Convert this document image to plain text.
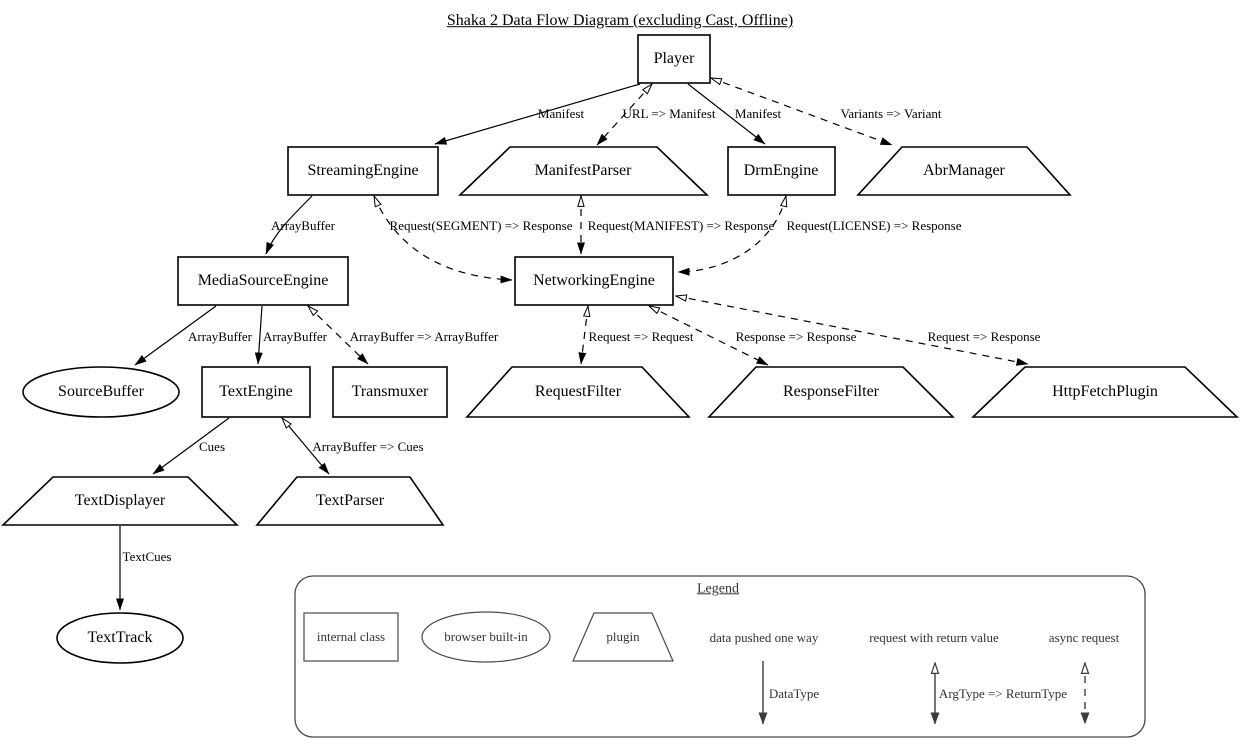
Shaka 2 Data Flow Diagram (excluding Cast, Offline)
Player
StreamingEngine	ManifestParser	DrmEngine	AbrManager
MediaSourceEngine	NetworkingEngine
SourceBuffer	TextEngine	Transmuxer	RequestFilter	ResponseFilter	HttpFetchPlugin
TextDisplayer	TextParser
TextTrack
Manifest	URL => Manifest Manifest	Variants => Variant
ArrayBuffer	Request(SEGMENT) => Response Request(MANIFEST) => Response Request(LICENSE) => Response
ArrayBuffer ArrayBuffer ArrayBuffer => ArrayBuffer	Request => Request	Response => Response	Request => Response
Cues	ArrayBuffer => Cues
TextCues
Legend
internal class	browser built-in	plugin	data pushed one way	request with return value	async request
DataType	ArgType => ReturnType
